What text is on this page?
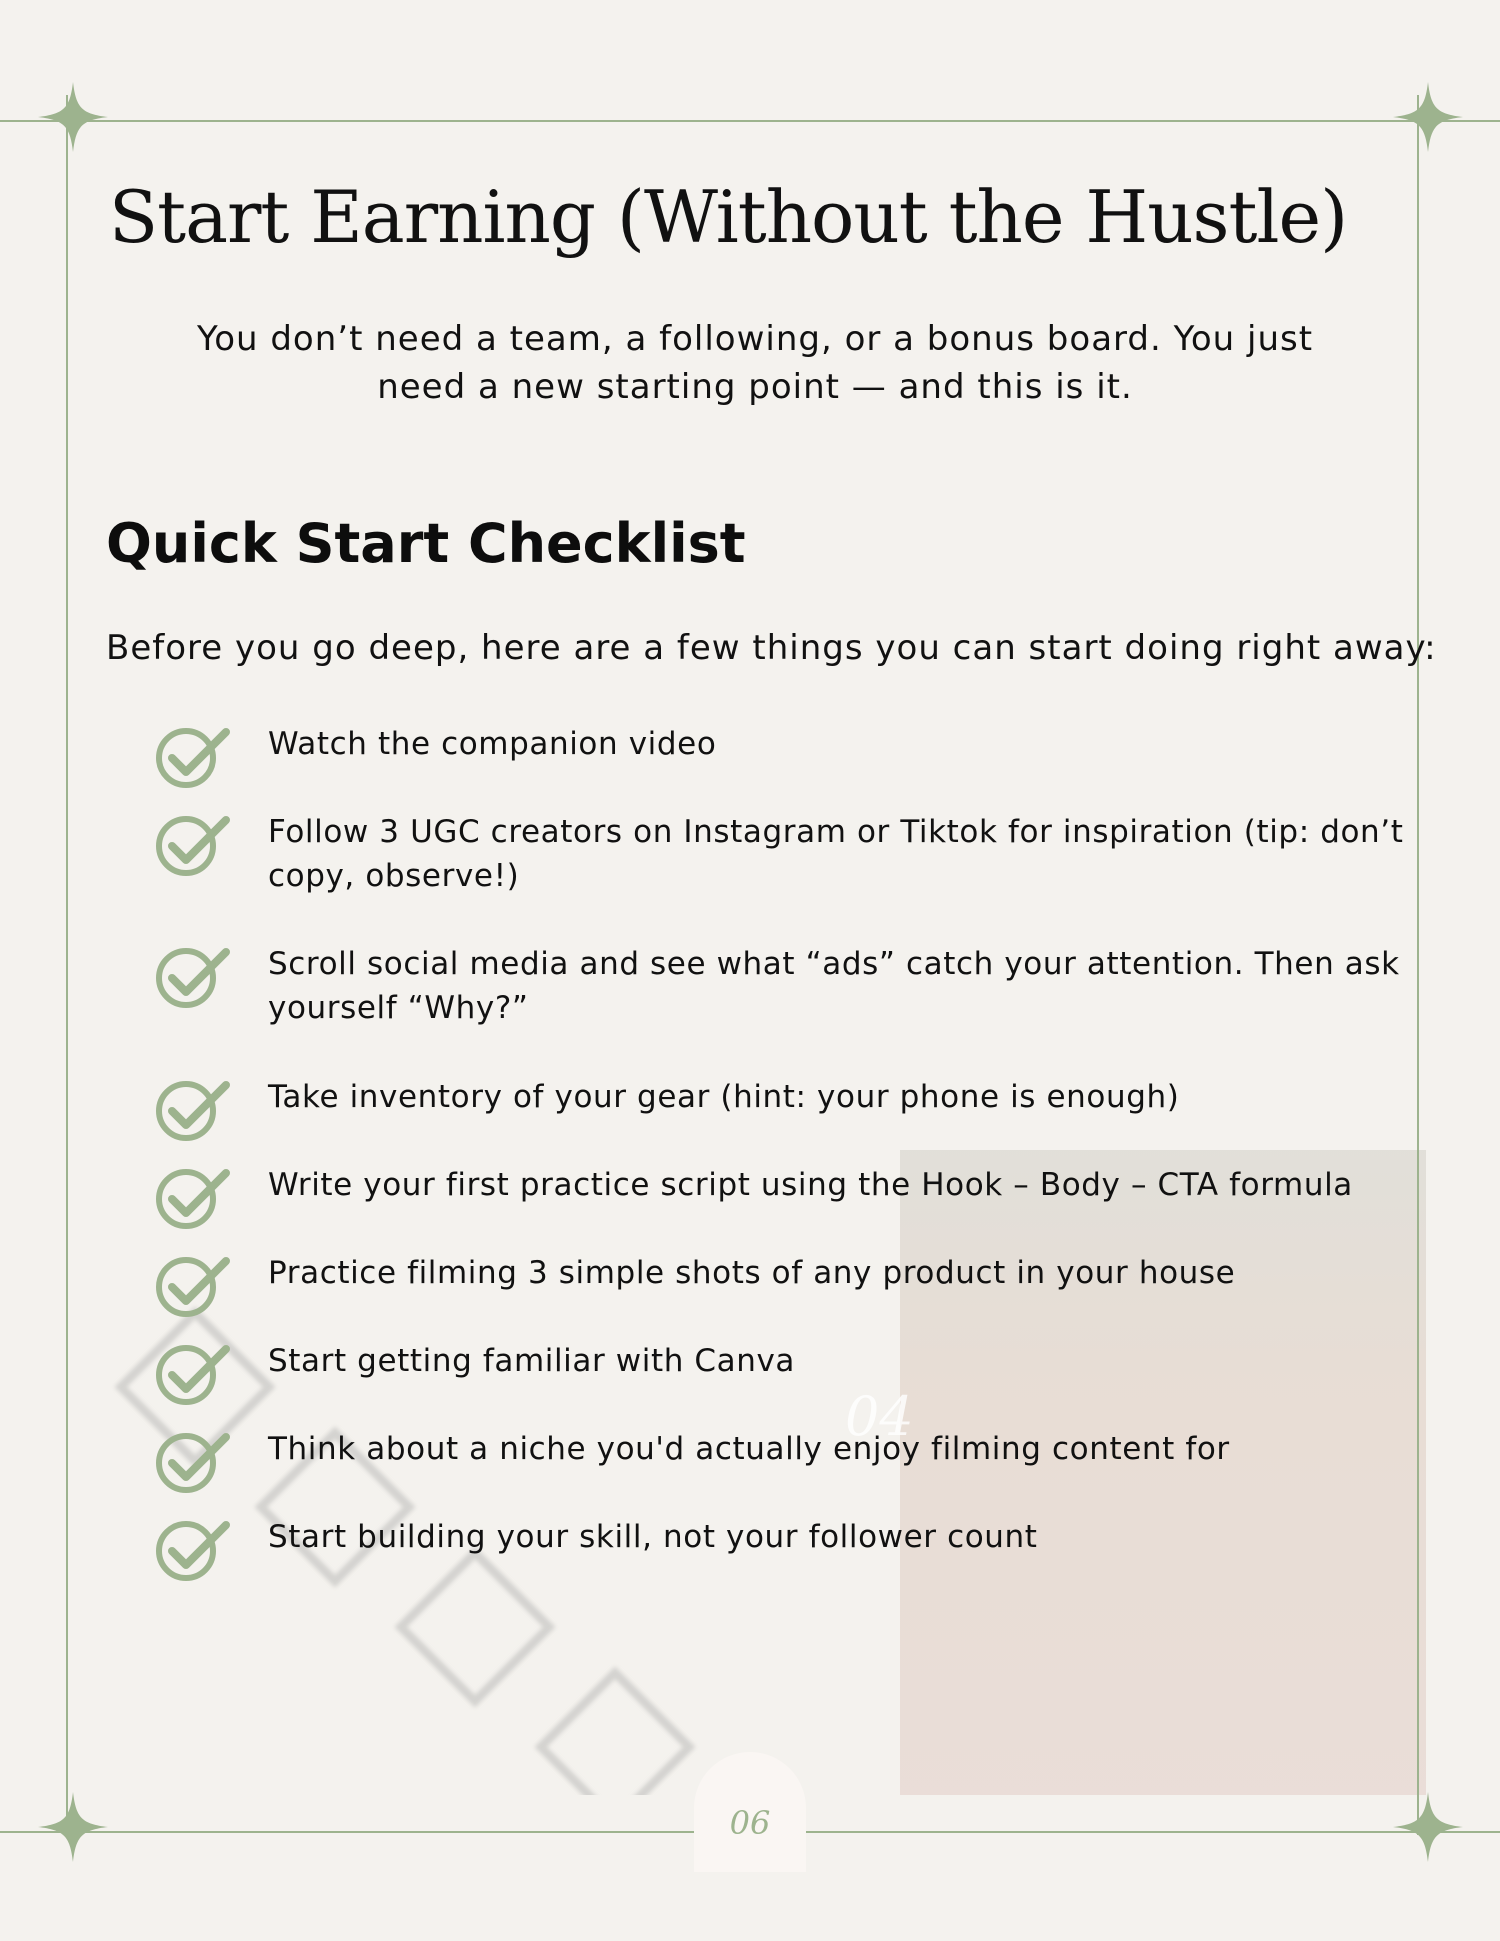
04
Start Earning (Without the Hustle)

You don’t need a team, a following, or a bonus board. You just need a new starting point — and this is it.

Quick Start Checklist

Before you go deep, here are a few things you can start doing right away:

Watch the companion video

Follow 3 UGC creators on Instagram or Tiktok for inspiration (tip: don’t copy, observe!)

Scroll social media and see what “ads” catch your attention. Then ask yourself “Why?”

Take inventory of your gear (hint: your phone is enough)

Write your first practice script using the Hook – Body – CTA formula

Practice filming 3 simple shots of any product in your house

Start getting familiar with Canva

Think about a niche you'd actually enjoy filming content for

Start building your skill, not your follower count

06
